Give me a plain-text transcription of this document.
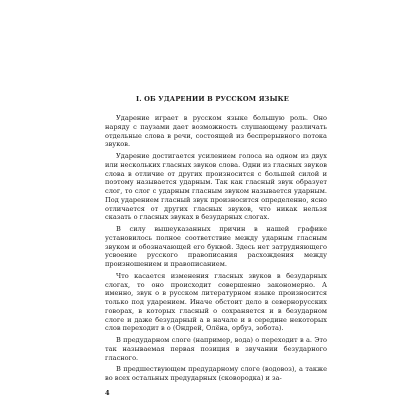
I. ОБ УДАРЕНИИ В РУССКОМ ЯЗЫКЕ

Ударение играет в русском языке большую роль. Оно наряду с паузами дает возможность слушающему различать отдельные слова в речи, состоящей из беспрерывного потока звуков.

Ударение достигается усилением голоса на одном из двух или нескольких гласных звуков слова. Одни из гласных звуков слова в отличие от других произносится с большей силой и поэтому называется ударным. Так как гласный звук образует слог, то слог с ударным гласным звуком называется ударным. Под ударением гласный звук произносится определенно, ясно отличается от других гласных звуков, что никак нельзя сказать о гласных звуках в безударных слогах.

В силу вышеуказанных причин в нашей графике установилось полное соответствие между ударным гласным звуком и обозначающей его буквой. Здесь нет затрудняющего усвоение русского правописания расхождения между произношением и правописанием.

Что касается изменения гласных звуков в безударных слогах, то оно происходит совершенно закономерно. А именно, звук о в русском литературном языке произносится только под ударением. Иначе обстоит дело в севернорусских говорах, в которых гласный о сохраняется и в безударном слоге и даже безударный а в начале и в середине некоторых слов переходит в о (Ондрей, Олёна, орбуз, зобота).

В предударном слоге (например, вода) о переходит в а. Это так называемая первая позиция в звучании безударного гласного.

В предшествующем предударному слоге (водовоз), а также во всех остальных предударных (сковородка) и за-

4
